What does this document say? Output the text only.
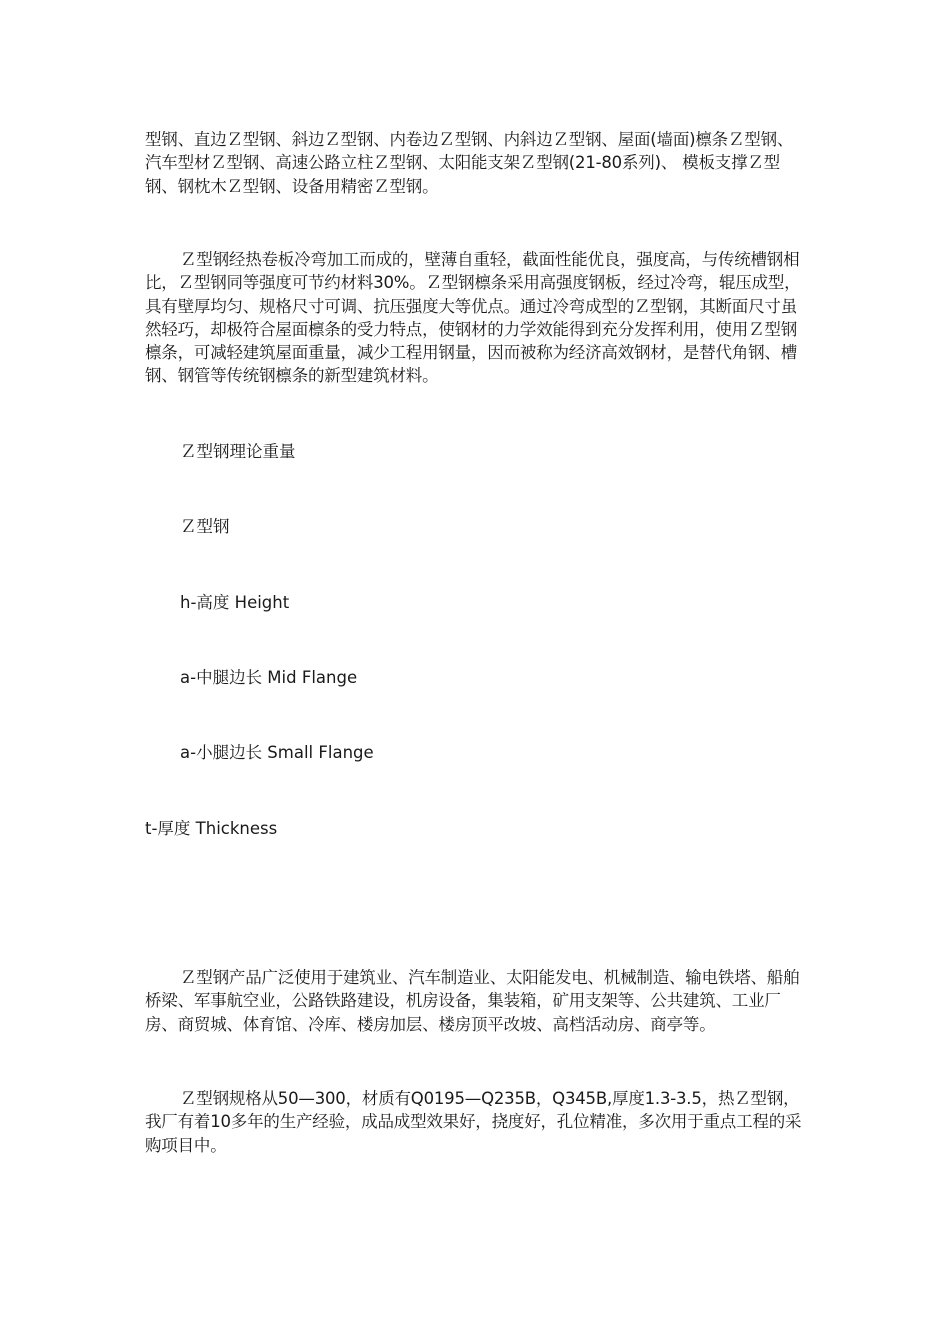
型钢、直边Ｚ型钢、斜边Ｚ型钢、内卷边Ｚ型钢、内斜边Ｚ型钢、屋面(墙面)檩条Ｚ型钢、汽车型材Ｚ型钢、高速公路立柱Ｚ型钢、太阳能支架Ｚ型钢(21-80系列)、 模板支撑Ｚ型钢、钢枕木Ｚ型钢、设备用精密Ｚ型钢。

Ｚ型钢经热卷板冷弯加工而成的，壁薄自重轻，截面性能优良，强度高，与传统槽钢相比，Ｚ型钢同等强度可节约材料30%。Ｚ型钢檩条采用高强度钢板，经过冷弯，辊压成型，具有壁厚均匀、规格尺寸可调、抗压强度大等优点。通过冷弯成型的Ｚ型钢，其断面尺寸虽然轻巧，却极符合屋面檩条的受力特点，使钢材的力学效能得到充分发挥利用，使用Ｚ型钢檩条，可减轻建筑屋面重量，减少工程用钢量，因而被称为经济高效钢材，是替代角钢、槽钢、钢管等传统钢檩条的新型建筑材料。

Ｚ型钢理论重量

Ｚ型钢

h-高度 Height

a-中腿边长 Mid Flange

a-小腿边长 Small Flange

t-厚度 Thickness

Ｚ型钢产品广泛使用于建筑业、汽车制造业、太阳能发电、机械制造、输电铁塔、船舶桥梁、军事航空业，公路铁路建设，机房设备，集装箱，矿用支架等、公共建筑、工业厂房、商贸城、体育馆、冷库、楼房加层、楼房顶平改坡、高档活动房、商亭等。

Ｚ型钢规格从50—300，材质有Q0195—Q235B，Q345B,厚度1.3-3.5，热Ｚ型钢，我厂有着10多年的生产经验，成品成型效果好，挠度好，孔位精准，多次用于重点工程的采购项目中。
